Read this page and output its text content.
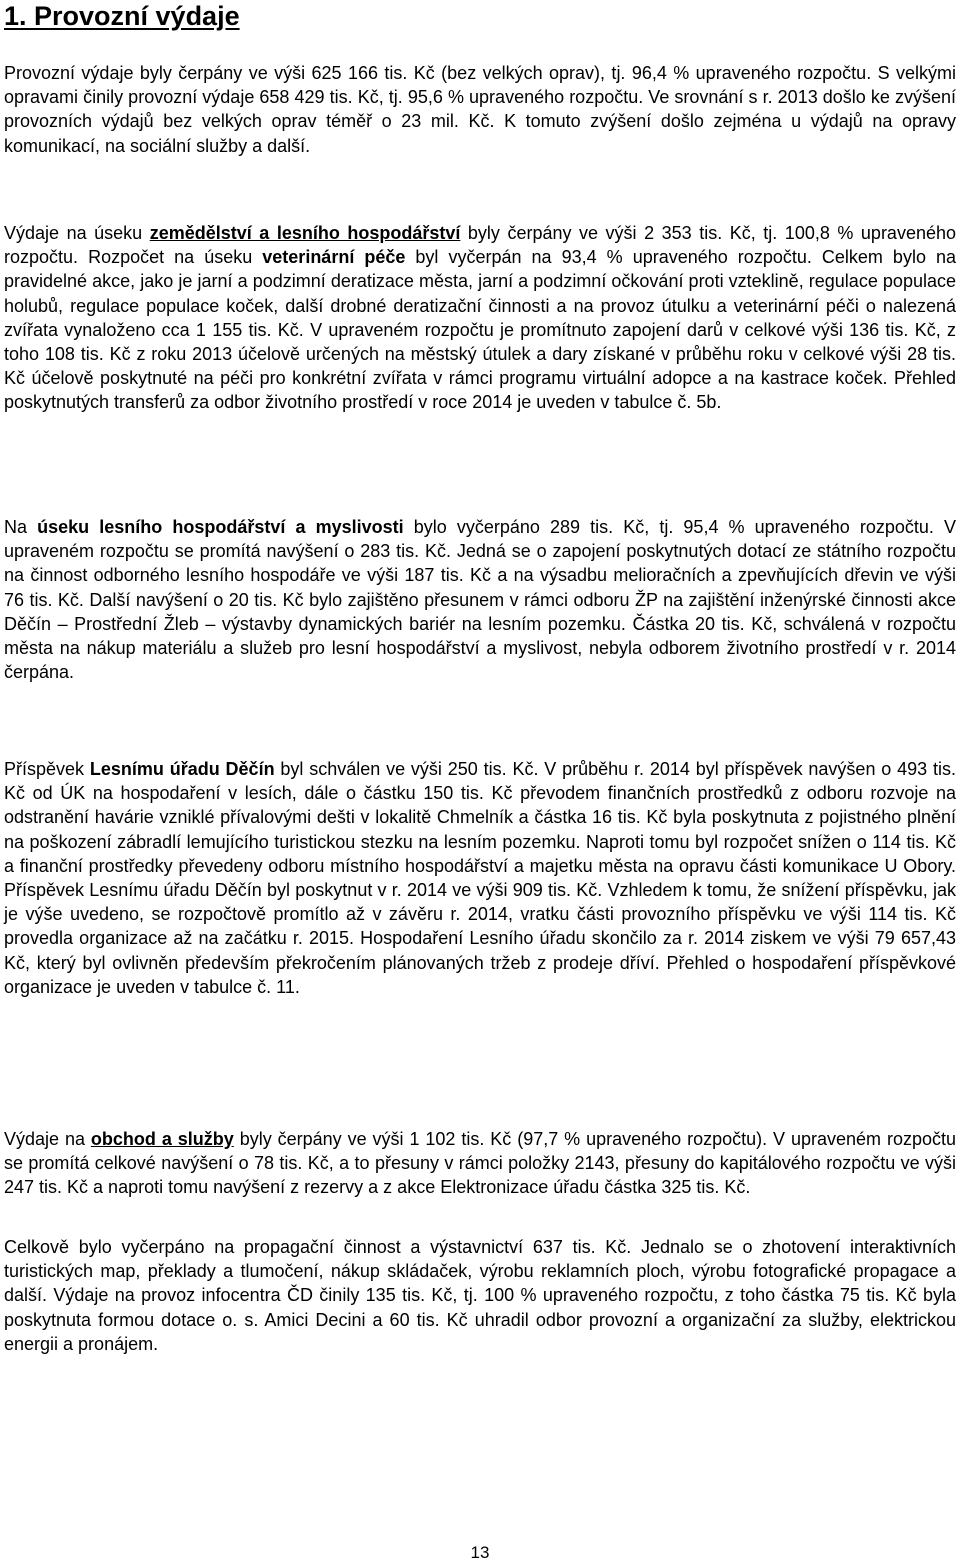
1. Provozní výdaje

Provozní výdaje byly čerpány ve výši 625 166 tis. Kč (bez velkých oprav), tj. 96,4 % upraveného rozpočtu. S velkými opravami činily provozní výdaje 658 429 tis. Kč, tj. 95,6 % upraveného rozpočtu. Ve srovnání s r. 2013 došlo ke zvýšení provozních výdajů bez velkých oprav téměř o 23 mil. Kč. K tomuto zvýšení došlo zejména u výdajů na opravy komunikací, na sociální služby a další.

Výdaje na úseku zemědělství a lesního hospodářství byly čerpány ve výši 2 353 tis. Kč, tj. 100,8 % upraveného rozpočtu. Rozpočet na úseku veterinární péče byl vyčerpán na 93,4 % upraveného rozpočtu. Celkem bylo na pravidelné akce, jako je jarní a podzimní deratizace města, jarní a podzimní očkování proti vzteklině, regulace populace holubů, regulace populace koček, další drobné deratizační činnosti a na provoz útulku a veterinární péči o nalezená zvířata vynaloženo cca 1 155 tis. Kč. V upraveném rozpočtu je promítnuto zapojení darů v celkové výši 136 tis. Kč, z toho 108 tis. Kč z roku 2013 účelově určených na městský útulek a dary získané v průběhu roku v celkové výši 28 tis. Kč účelově poskytnuté na péči pro konkrétní zvířata v rámci programu virtuální adopce a na kastrace koček. Přehled poskytnutých transferů za odbor životního prostředí v roce 2014 je uveden v tabulce č. 5b.

Na úseku lesního hospodářství a myslivosti bylo vyčerpáno 289 tis. Kč, tj. 95,4 % upraveného rozpočtu. V upraveném rozpočtu se promítá navýšení o 283 tis. Kč. Jedná se o zapojení poskytnutých dotací ze státního rozpočtu na činnost odborného lesního hospodáře ve výši 187 tis. Kč a na výsadbu melioračních a zpevňujících dřevin ve výši 76 tis. Kč. Další navýšení o 20 tis. Kč bylo zajištěno přesunem v rámci odboru ŽP na zajištění inženýrské činnosti akce Děčín – Prostřední Žleb – výstavby dynamických bariér na lesním pozemku. Částka 20 tis. Kč, schválená v rozpočtu města na nákup materiálu a služeb pro lesní hospodářství a myslivost, nebyla odborem životního prostředí v r. 2014 čerpána.

Příspěvek Lesnímu úřadu Děčín byl schválen ve výši 250 tis. Kč. V průběhu r. 2014 byl příspěvek navýšen o 493 tis. Kč od ÚK na hospodaření v lesích, dále o částku 150 tis. Kč převodem finančních prostředků z odboru rozvoje na odstranění havárie vzniklé přívalovými dešti v lokalitě Chmelník a částka 16 tis. Kč byla poskytnuta z pojistného plnění na poškození zábradlí lemujícího turistickou stezku na lesním pozemku. Naproti tomu byl rozpočet snížen o 114 tis. Kč a finanční prostředky převedeny odboru místního hospodářství a majetku města na opravu části komunikace U Obory. Příspěvek Lesnímu úřadu Děčín byl poskytnut v r. 2014 ve výši 909 tis. Kč. Vzhledem k tomu, že snížení příspěvku, jak je výše uvedeno, se rozpočtově promítlo až v závěru r. 2014, vratku části provozního příspěvku ve výši 114 tis. Kč provedla organizace až na začátku r. 2015. Hospodaření Lesního úřadu skončilo za r. 2014 ziskem ve výši 79 657,43 Kč, který byl ovlivněn především překročením plánovaných tržeb z prodeje dříví. Přehled o hospodaření příspěvkové organizace je uveden v tabulce č. 11.

Výdaje na obchod a služby byly čerpány ve výši 1 102 tis. Kč (97,7 % upraveného rozpočtu). V upraveném rozpočtu se promítá celkové navýšení o 78 tis. Kč, a to přesuny v rámci položky 2143, přesuny do kapitálového rozpočtu ve výši 247 tis. Kč a naproti tomu navýšení z rezervy a z akce Elektronizace úřadu částka 325 tis. Kč.

Celkově bylo vyčerpáno na propagační činnost a výstavnictví 637 tis. Kč. Jednalo se o zhotovení interaktivních turistických map, překlady a tlumočení, nákup skládaček, výrobu reklamních ploch, výrobu fotografické propagace a další. Výdaje na provoz infocentra ČD činily 135 tis. Kč, tj. 100 % upraveného rozpočtu, z toho částka 75 tis. Kč byla poskytnuta formou dotace o. s. Amici Decini a 60 tis. Kč uhradil odbor provozní a organizační za služby, elektrickou energii a pronájem.

13
